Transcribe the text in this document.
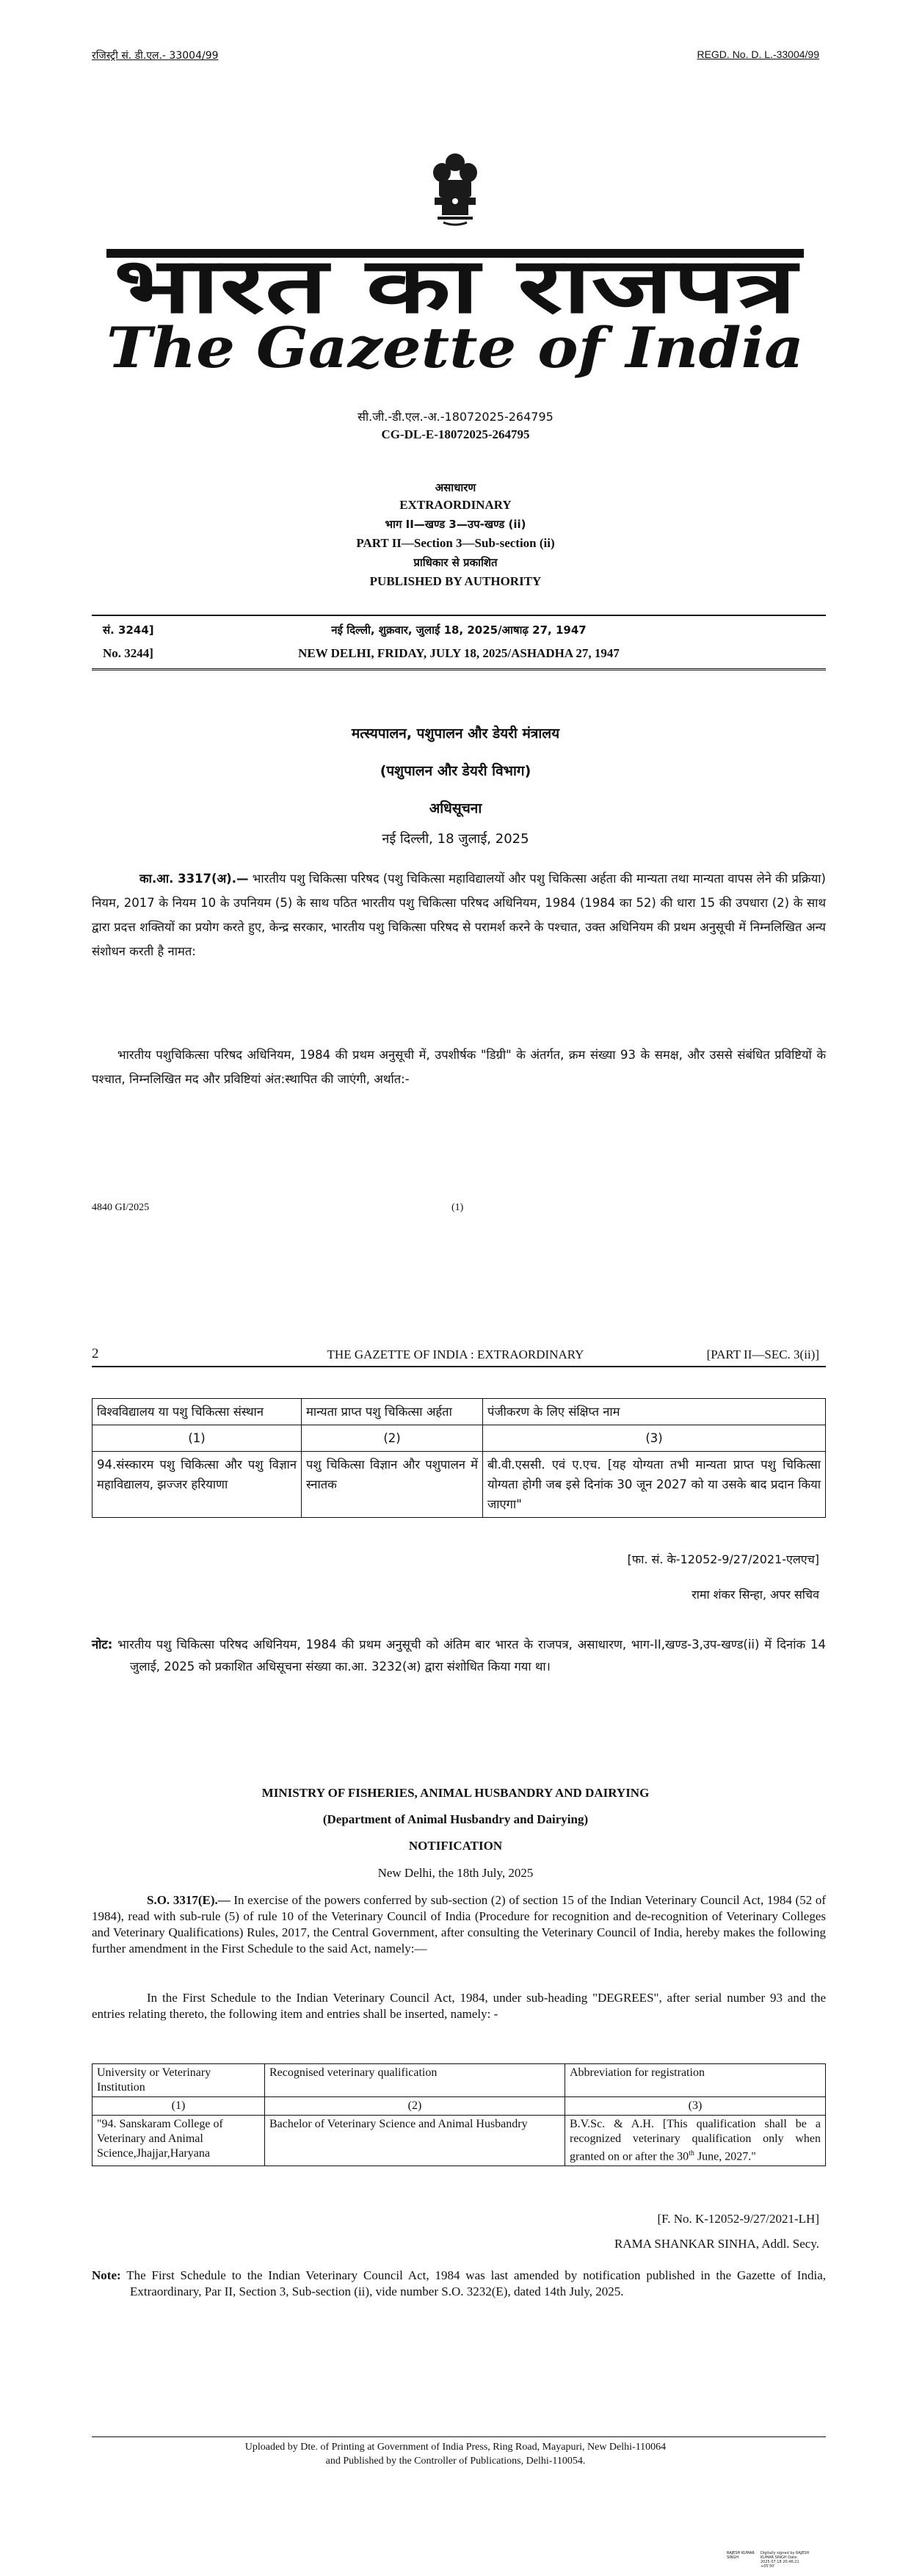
रजिस्ट्री सं. डी.एल.- 33004/99	REGD. No. D. L.-33004/99
भारत का राजपत्र
The Gazette of India
सी.जी.-डी.एल.-अ.-18072025-264795
CG-DL-E-18072025-264795
असाधारण
EXTRAORDINARY
भाग II—खण्ड 3—उप-खण्ड (ii)
PART II—Section 3—Sub-section (ii)
प्राधिकार से प्रकाशित
PUBLISHED BY AUTHORITY
सं. 3244]	नई दिल्ली, शुक्रवार, जुलाई 18, 2025/आषाढ़ 27, 1947
No. 3244]	NEW DELHI, FRIDAY, JULY 18, 2025/ASHADHA 27, 1947
मत्स्यपालन, पशुपालन और डेयरी मंत्रालय
(पशुपालन और डेयरी विभाग)
अधिसूचना
नई दिल्ली, 18 जुलाई, 2025
का.आ. 3317(अ).— भारतीय पशु चिकित्सा परिषद (पशु चिकित्सा महाविद्यालयों और पशु चिकित्सा अर्हता की मान्यता तथा मान्यता वापस लेने की प्रक्रिया) नियम, 2017 के नियम 10 के उपनियम (5) के साथ पठित भारतीय पशु चिकित्सा परिषद अधिनियम, 1984 (1984 का 52) की धारा 15 की उपधारा (2) के साथ द्वारा प्रदत्त शक्तियों का प्रयोग करते हुए, केन्द्र सरकार, भारतीय पशु चिकित्सा परिषद से परामर्श करने के पश्चात, उक्त अधिनियम की प्रथम अनुसूची में निम्नलिखित अन्य संशोधन करती है नामत:
भारतीय पशुचिकित्सा परिषद अधिनियम, 1984 की प्रथम अनुसूची में, उपशीर्षक "डिग्री" के अंतर्गत, क्रम संख्या 93 के समक्ष, और उससे संबंधित प्रविष्टियों के पश्चात, निम्नलिखित मद और प्रविष्टियां अंत:स्थापित की जाएंगी, अर्थात:-
4840 GI/2025	(1)
2	THE GAZETTE OF INDIA : EXTRAORDINARY	[PART II—SEC. 3(ii)]
विश्वविद्यालय या पशु चिकित्सा संस्थान	मान्यता प्राप्त पशु चिकित्सा अर्हता	पंजीकरण के लिए संक्षिप्त नाम
(1)	(2)	(3)
94.संस्कारम पशु चिकित्सा और पशु विज्ञान महाविद्यालय, झज्जर हरियाणा	पशु चिकित्सा विज्ञान और पशुपालन में स्नातक	बी.वी.एससी. एवं ए.एच. [यह योग्यता तभी मान्यता प्राप्त पशु चिकित्सा योग्यता होगी जब इसे दिनांक 30 जून 2027 को या उसके बाद प्रदान किया जाएगा"
[फा. सं. के-12052-9/27/2021-एलएच]
रामा शंकर सिन्हा, अपर सचिव
नोट: भारतीय पशु चिकित्सा परिषद अधिनियम, 1984 की प्रथम अनुसूची को अंतिम बार भारत के राजपत्र, असाधारण, भाग-II,खण्ड-3,उप-खण्ड(ii) में दिनांक 14 जुलाई, 2025 को प्रकाशित अधिसूचना संख्या का.आ. 3232(अ) द्वारा संशोधित किया गया था।
MINISTRY OF FISHERIES, ANIMAL HUSBANDRY AND DAIRYING
(Department of Animal Husbandry and Dairying)
NOTIFICATION
New Delhi, the 18th July, 2025
S.O. 3317(E).— In exercise of the powers conferred by sub-section (2) of section 15 of the Indian Veterinary Council Act, 1984 (52 of 1984), read with sub-rule (5) of rule 10 of the Veterinary Council of India (Procedure for recognition and de-recognition of Veterinary Colleges and Veterinary Qualifications) Rules, 2017, the Central Government, after consulting the Veterinary Council of India, hereby makes the following further amendment in the First Schedule to the said Act, namely:—
In the First Schedule to the Indian Veterinary Council Act, 1984, under sub-heading "DEGREES", after serial number 93 and the entries relating thereto, the following item and entries shall be inserted, namely: -
University or Veterinary Institution	Recognised veterinary qualification	Abbreviation for registration
(1)	(2)	(3)
"94. Sanskaram College of Veterinary and Animal Science,Jhajjar,Haryana	Bachelor of Veterinary Science and Animal Husbandry	B.V.Sc. & A.H. [This qualification shall be a recognized veterinary qualification only when granted on or after the 30th June, 2027."
[F. No. K-12052-9/27/2021-LH]
RAMA SHANKAR SINHA, Addl. Secy.
Note: The First Schedule to the Indian Veterinary Council Act, 1984 was last amended by notification published in the Gazette of India, Extraordinary, Par II, Section 3, Sub-section (ii), vide number S.O. 3232(E), dated 14th July, 2025.
Uploaded by Dte. of Printing at Government of India Press, Ring Road, Mayapuri, New Delhi-110064
and Published by the Controller of Publications, Delhi-110054.
RAJESH KUMAR SINGH
Digitally signed by RAJESH KUMAR SINGH Date: 2025.07.18 20:46:21 +05'30'
